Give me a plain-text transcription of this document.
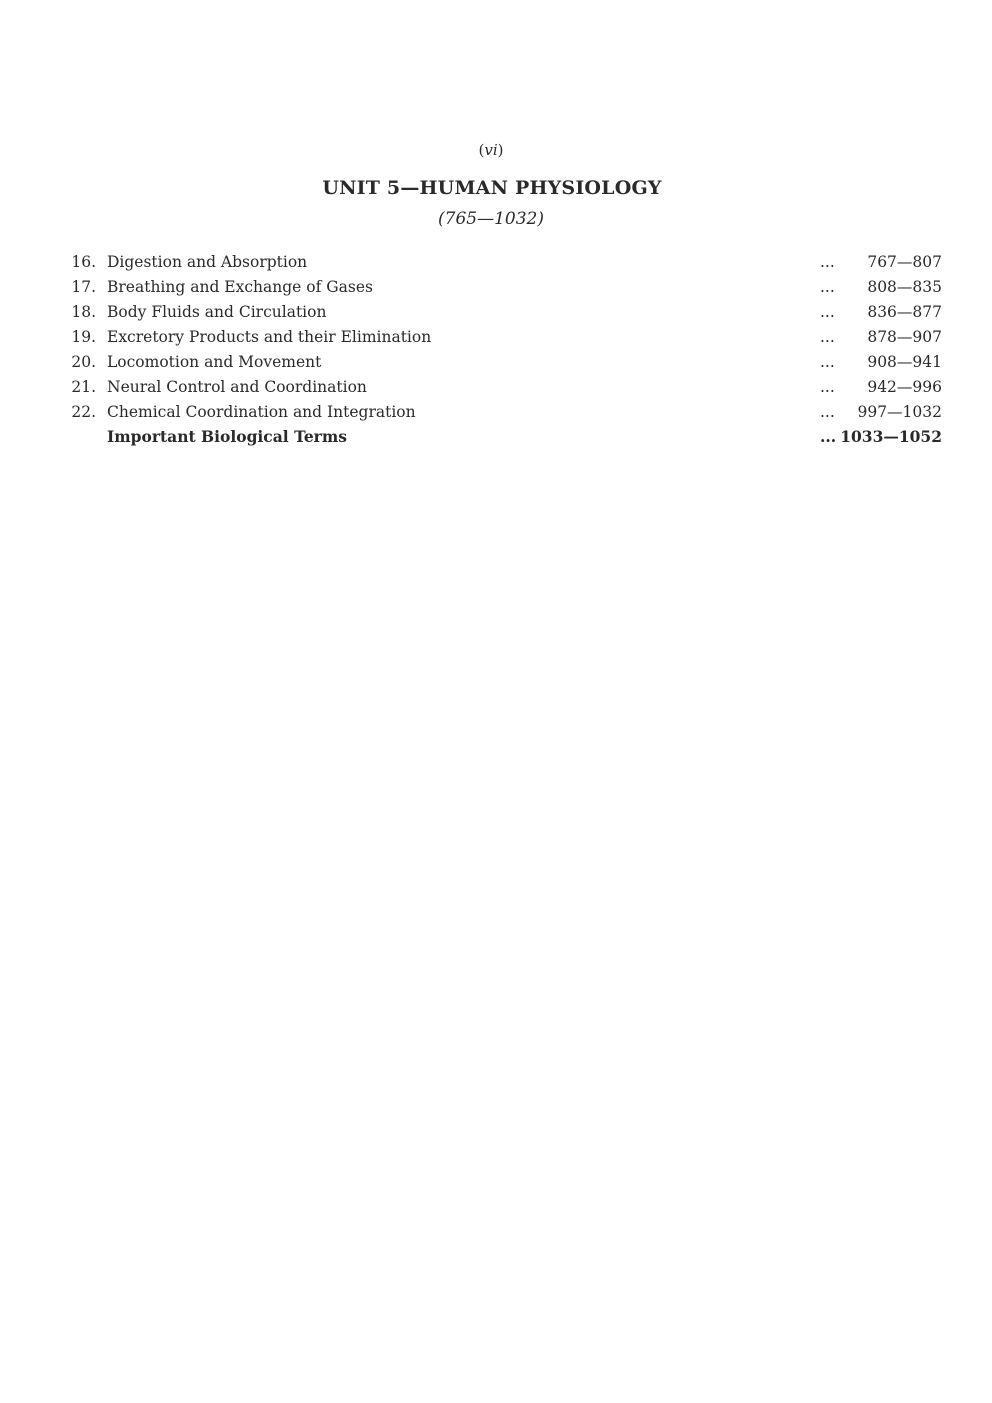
(vi)
UNIT 5—HUMAN PHYSIOLOGY
(765—1032)
16. Digestion and Absorption	...	767—807
17. Breathing and Exchange of Gases	...	808—835
18. Body Fluids and Circulation	...	836—877
19. Excretory Products and their Elimination	...	878—907
20. Locomotion and Movement	...	908—941
21. Neural Control and Coordination	...	942—996
22. Chemical Coordination and Integration	...	997—1032
Important Biological Terms	... 1033—1052
